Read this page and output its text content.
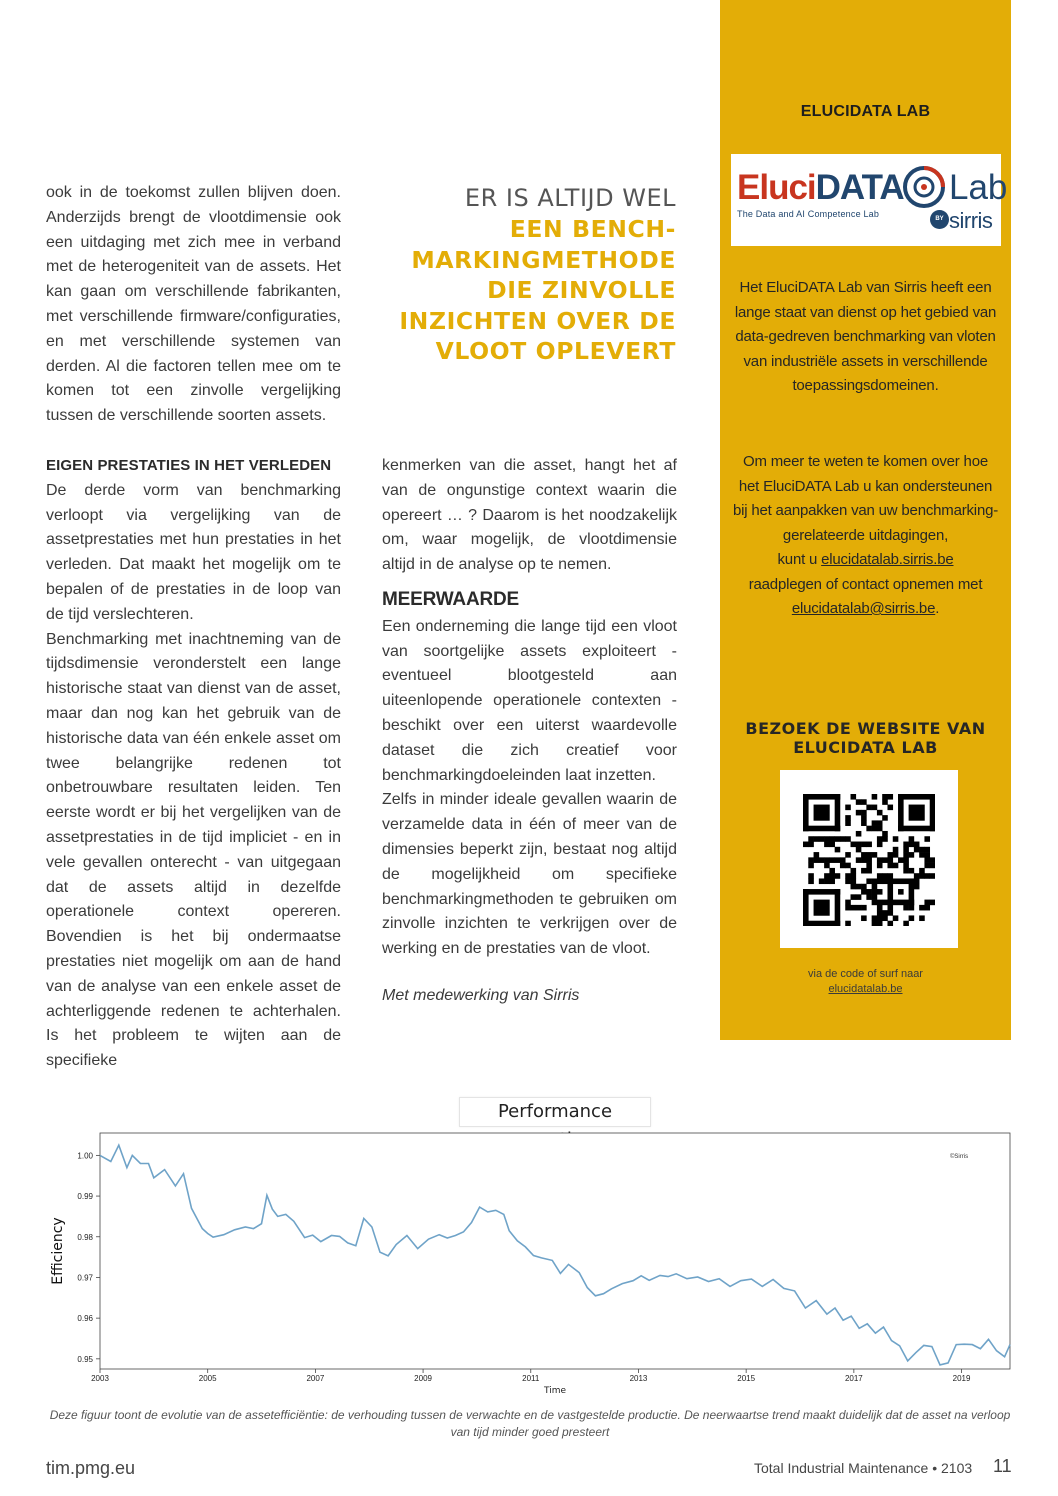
ook in de toekomst zullen blijven doen. Anderzijds brengt de vlootdimensie ook een uitdaging met zich mee in verband met de heterogeniteit van de assets. Het kan gaan om verschillende fabrikanten, met verschillende firmware/configuraties, en met verschillende systemen van derden. Al die factoren tellen mee om te komen tot een zinvolle vergelijking tussen de verschillende soorten assets.

EIGEN PRESTATIES IN HET VERLEDEN

De derde vorm van benchmarking verloopt via vergelijking van de assetprestaties met hun prestaties in het verleden. Dat maakt het mogelijk om te bepalen of de prestaties in de loop van de tijd verslechteren.

Benchmarking met inachtneming van de tijdsdimensie veronderstelt een lange historische staat van dienst van de asset, maar dan nog kan het gebruik van de historische data van één enkele asset om twee belangrijke redenen tot onbetrouwbare resultaten leiden. Ten eerste wordt er bij het vergelijken van de assetprestaties in de tijd impliciet - en in vele gevallen onterecht - van uitgegaan dat de assets altijd in dezelfde operationele context opereren. Bovendien is het bij ondermaatse prestaties niet mogelijk om aan de hand van de analyse van een enkele asset de achterliggende redenen te achterhalen. Is het probleem te wijten aan de specifieke

ER IS ALTIJD WEL
EEN BENCH-MARKINGMETHODE DIE ZINVOLLE INZICHTEN OVER DE VLOOT OPLEVERT

kenmerken van die asset, hangt het af van de ongunstige context waarin die opereert … ? Daarom is het noodzakelijk om, waar mogelijk, de vlootdimensie altijd in de analyse op te nemen.

MEERWAARDE

Een onderneming die lange tijd een vloot van soortgelijke assets exploiteert - eventueel blootgesteld aan uiteenlopende operationele contexten - beschikt over een uiterst waardevolle dataset die zich creatief voor benchmarkingdoeleinden laat inzetten.

Zelfs in minder ideale gevallen waarin de verzamelde data in één of meer van de dimensies beperkt zijn, bestaat nog altijd de mogelijkheid om specifieke benchmarkingmethoden te gebruiken om zinvolle inzichten te verkrijgen over de werking en de prestaties van de vloot.

Met medewerking van Sirris

ELUCIDATA LAB
EluciDATA Lab
The Data and AI Competence Lab	BY sirris

Het EluciDATA Lab van Sirris heeft een lange staat van dienst op het gebied van data-gedreven benchmarking van vloten van industriële assets in verschillende toepassingsdomeinen.

Om meer te weten te komen over hoe het EluciDATA Lab u kan ondersteunen bij het aanpakken van uw benchmarking-gerelateerde uitdagingen,
kunt u elucidatalab.sirris.be
raadplegen of contact opnemen met
elucidatalab@sirris.be.

BEZOEK DE WEBSITE VAN ELUCIDATA LAB
via de code of surf naar
elucidatalab.be
Performance
1.00
0.99
0.98
0.97
0.96
0.95
2003	2005	2007	2009	2011	2013	2015	2017	2019
©Sirris
Efficiency
Time
Deze figuur toont de evolutie van de assetefficiëntie: de verhouding tussen de verwachte en de vastgestelde productie. De neerwaartse trend maakt duidelijk dat de asset na verloop van tijd minder goed presteert
tim.pmg.eu	Total Industrial Maintenance • 2103 11
